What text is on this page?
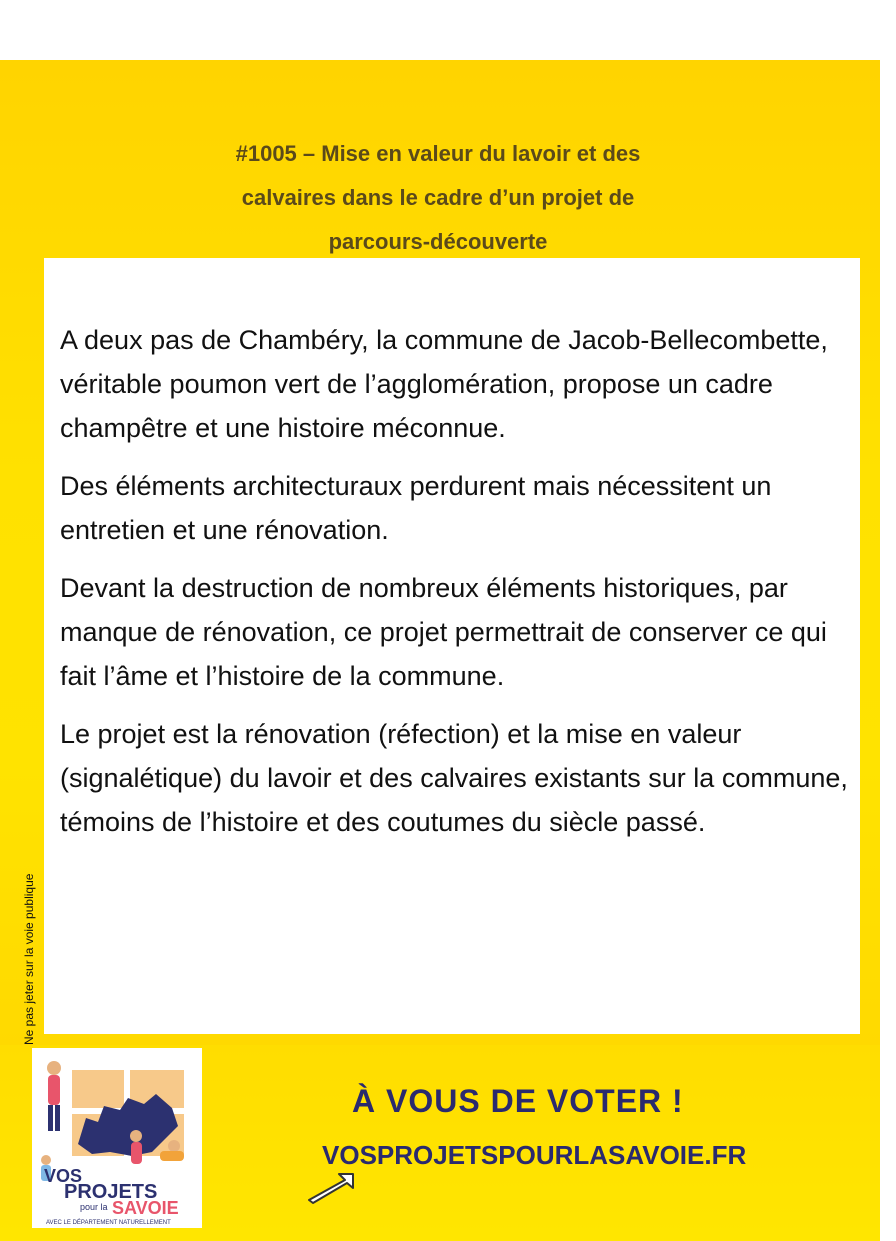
#1005 – Mise en valeur du lavoir et des
calvaires dans le cadre d’un projet de
parcours-découverte

A deux pas de Chambéry, la commune de Jacob-Bellecombette, véritable poumon vert de l’agglomération, propose un cadre champêtre et une histoire méconnue.

Des éléments architecturaux perdurent mais nécessitent un entretien et une rénovation.

Devant la destruction de nombreux éléments historiques, par manque de rénovation, ce projet permettrait de conserver ce qui fait l’âme et l’histoire de la commune.

Le projet est la rénovation (réfection) et la mise en valeur (signalétique) du lavoir et des calvaires existants sur la commune, témoins de l’histoire et des coutumes du siècle passé.

Ne pas jeter sur la voie publique
VOS
PROJETS
pour la SAVOIE
AVEC LE DÉPARTEMENT NATURELLEMENT
À VOUS DE VOTER !
VOSPROJETSPOURLASAVOIE.FR
